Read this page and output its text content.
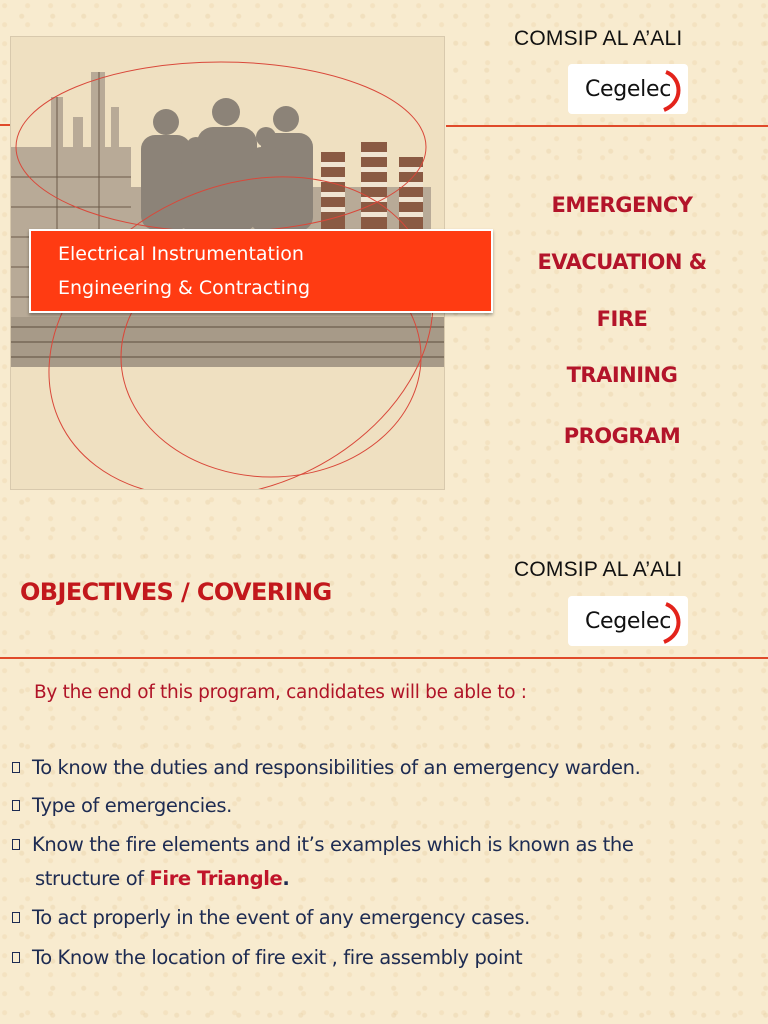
COMSIP AL A’ALI
Cegelec
Electrical Instrumentation
Engineering & Contracting
EMERGENCY
EVACUATION &
FIRE
TRAINING
PROGRAM
COMSIP AL A’ALI
Cegelec
OBJECTIVES / COVERING
By the end of this program, candidates will be able to :
To know the duties and responsibilities of an emergency warden.
Type of emergencies.
Know the fire elements and it’s examples which is known as the
structure of Fire Triangle.
To act properly in the event of any emergency cases.
To Know the location of fire exit , fire assembly point
